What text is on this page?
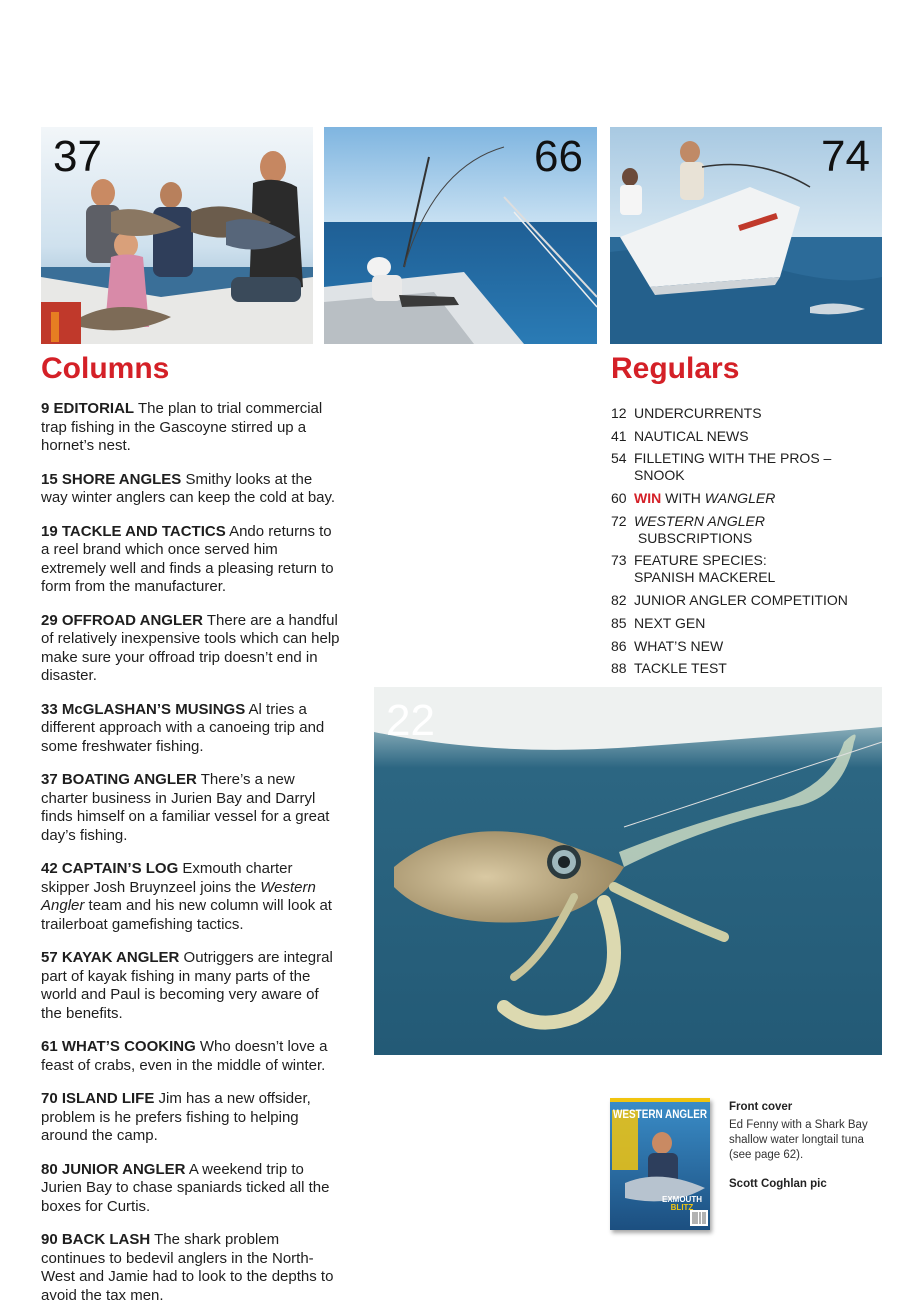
37	66	74
Columns

9 EDITORIAL The plan to trial commercial trap fishing in the Gascoyne stirred up a hornet’s nest.

15 SHORE ANGLES Smithy looks at the way winter anglers can keep the cold at bay.

19 TACKLE AND TACTICS Ando returns to a reel brand which once served him extremely well and finds a pleasing return to form from the manufacturer.

29 OFFROAD ANGLER There are a handful of relatively inexpensive tools which can help make sure your offroad trip doesn’t end in disaster.

33 McGLASHAN’S MUSINGS Al tries a different approach with a canoeing trip and some freshwater fishing.

37 BOATING ANGLER There’s a new charter business in Jurien Bay and Darryl finds himself on a familiar vessel for a great day’s fishing.

42 CAPTAIN’S LOG Exmouth charter skipper Josh Bruynzeel joins the Western Angler team and his new column will look at trailerboat gamefishing tactics.

57 KAYAK ANGLER Outriggers are integral part of kayak fishing in many parts of the world and Paul is becoming very aware of the benefits.

61 WHAT’S COOKING Who doesn’t love a feast of crabs, even in the middle of winter.

70 ISLAND LIFE Jim has a new offsider, problem is he prefers fishing to helping around the camp.

80 JUNIOR ANGLER A weekend trip to Jurien Bay to chase spaniards ticked all the boxes for Curtis.

90 BACK LASH The shark problem continues to bedevil anglers in the North-West and Jamie had to look to the depths to avoid the tax men.

Regulars
12 UNDERCURRENTS
41 NAUTICAL NEWS
54 FILLETING WITH THE PROS – SNOOK
60 WIN WITH WANGLER
72 WESTERN ANGLER SUBSCRIPTIONS
73 FEATURE SPECIES: SPANISH MACKEREL
82 JUNIOR ANGLER COMPETITION
85 NEXT GEN
86 WHAT’S NEW
88 TACKLE TEST
22
WESTERN ANGLER
EXMOUTH
BLITZ
Front cover
Ed Fenny with a Shark Bay shallow water longtail tuna
(see page 62).
Scott Coghlan pic
